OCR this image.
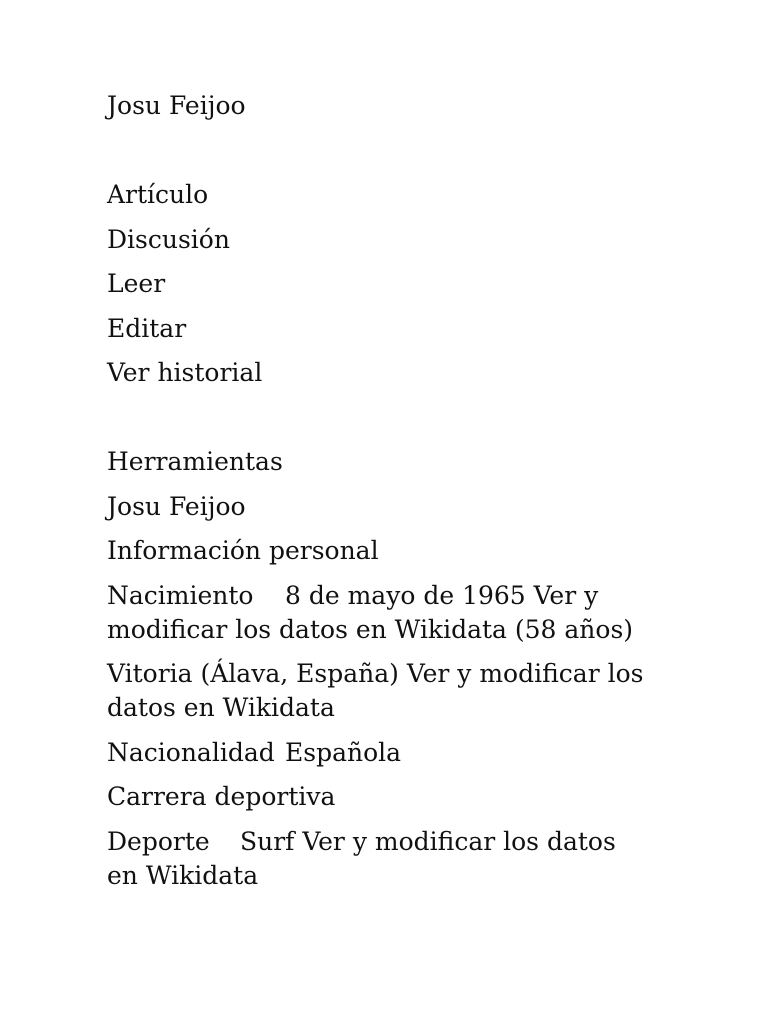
Josu Feijoo
Artículo
Discusión
Leer
Editar
Ver historial
Herramientas
Josu Feijoo
Información personal
Nacimiento 8 de mayo de 1965 Ver y modificar los datos en Wikidata (58 años)
Vitoria (Álava, España) Ver y modificar los datos en Wikidata
Nacionalidad Española
Carrera deportiva
Deporte Surf Ver y modificar los datos en Wikidata
